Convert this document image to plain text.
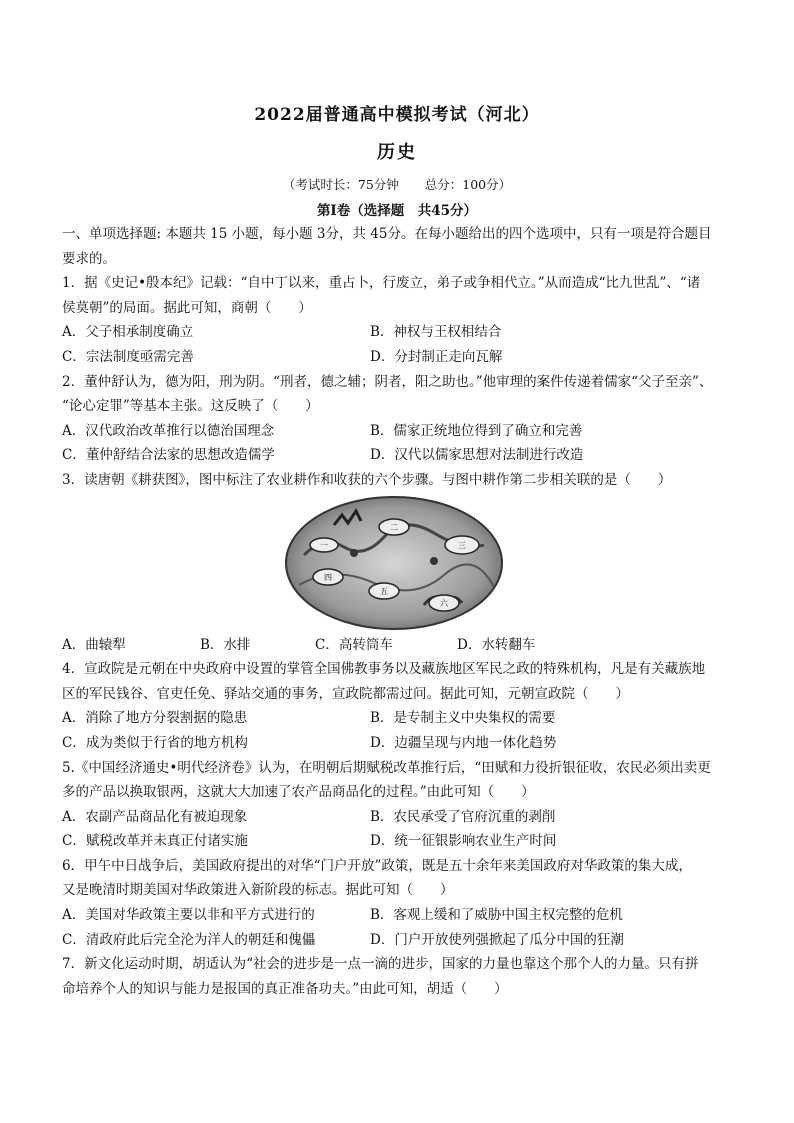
2022届普通高中模拟考试（河北）
历史
（考试时长：75分钟 总分：100分）
第Ⅰ卷（选择题　共45分）
一、单项选择题: 本题共 15 小题，每小题 3分，共 45分。在每小题给出的四个选项中，只有一项是符合题目
要求的。
1．据《史记•殷本纪》记载：“自中丁以来，重占卜，行废立，弟子或争相代立。”从而造成“比九世乱”、“诸
侯莫朝”的局面。据此可知，商朝（　　）
A．父子相承制度确立	B．神权与王权相结合
C．宗法制度亟需完善	D．分封制正走向瓦解
2．董仲舒认为，德为阳，刑为阴。“刑者，德之辅；阴者，阳之助也。”他审理的案件传递着儒家“父子至亲”、
“论心定罪”等基本主张。这反映了（　　）
A．汉代政治改革推行以德治国理念	B．儒家正统地位得到了确立和完善
C．董仲舒结合法家的思想改造儒学	D．汉代以儒家思想对法制进行改造
3．读唐朝《耕获图》，图中标注了农业耕作和收获的六个步骤。与图中耕作第二步相关联的是（　　）
一
二
三
四
五
六
A．曲辕犁	B．水排	C．高转筒车	D．水转翻车
4．宣政院是元朝在中央政府中设置的掌管全国佛教事务以及藏族地区军民之政的特殊机构，凡是有关藏族地
区的军民钱谷、官吏任免、驿站交通的事务，宣政院都需过问。据此可知，元朝宣政院（　　）
A．消除了地方分裂割据的隐患	B．是专制主义中央集权的需要
C．成为类似于行省的地方机构	D．边疆呈现与内地一体化趋势
5.《中国经济通史•明代经济卷》认为，在明朝后期赋税改革推行后，“田赋和力役折银征收，农民必须出卖更
多的产品以换取银两，这就大大加速了农产品商品化的过程。”由此可知（　　）
A．农副产品商品化有被迫现象	B．农民承受了官府沉重的剥削
C．赋税改革并未真正付诸实施	D．统一征银影响农业生产时间
6．甲午中日战争后，美国政府提出的对华“门户开放”政策，既是五十余年来美国政府对华政策的集大成，
又是晚清时期美国对华政策进入新阶段的标志。据此可知（　　）
A．美国对华政策主要以非和平方式进行的	B．客观上缓和了威胁中国主权完整的危机
C．清政府此后完全沦为洋人的朝廷和傀儡	D．门户开放使列强掀起了瓜分中国的狂潮
7．新文化运动时期，胡适认为“社会的进步是一点一滴的进步，国家的力量也靠这个那个人的力量。只有拼
命培养个人的知识与能力是报国的真正准备功夫。”由此可知，胡适（　　）
